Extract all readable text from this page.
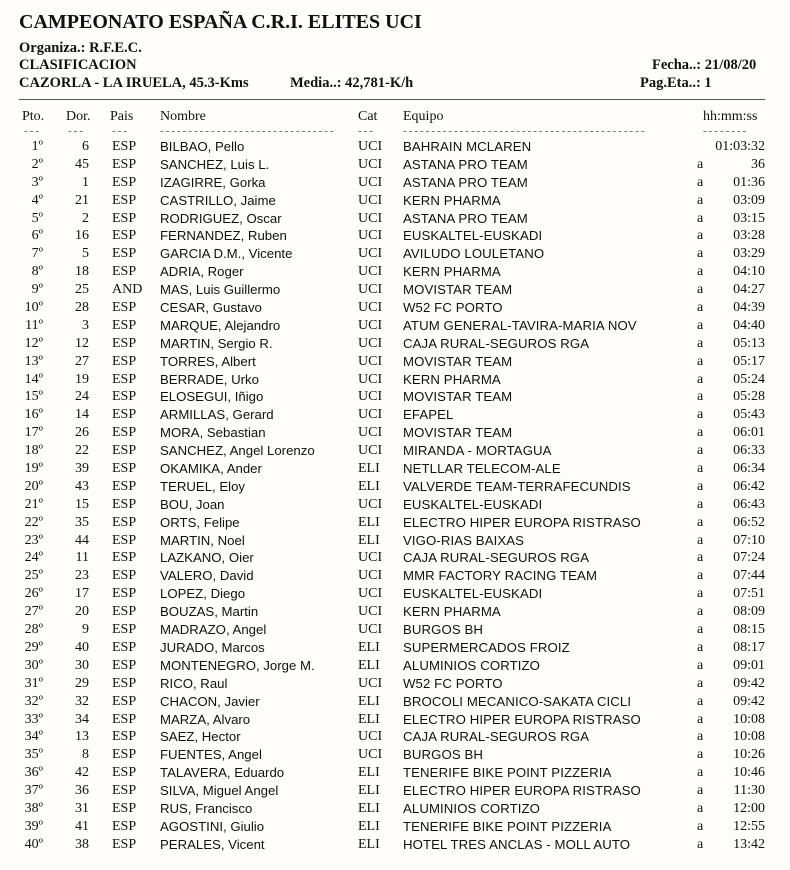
CAMPEONATO ESPAÑA C.R.I. ELITES UCI
Organiza.: R.F.E.C.
CLASIFICACION
CAZORLA - LA IRUELA, 45.3-Kms	Media..: 42,781-K/h
Fecha..: 21/08/20
Pag.Eta..: 1
Pto. Dor. Pais Nombre	Cat Equipo	hh:mm:ss
--- --- ---	------------------------------- ---	-------------------------------------------	--------
1º	6 ESP BILBAO, Pello	UCI BAHRAIN MCLAREN	01:03:32
2º 45 ESP SANCHEZ, Luis L.	UCI ASTANA PRO TEAM	a	36
3º	1 ESP IZAGIRRE, Gorka	UCI ASTANA PRO TEAM	a 01:36
4º 21 ESP CASTRILLO, Jaime	UCI KERN PHARMA	a 03:09
5º	2 ESP RODRIGUEZ, Oscar	UCI ASTANA PRO TEAM	a 03:15
6º 16 ESP FERNANDEZ, Ruben	UCI EUSKALTEL-EUSKADI	a 03:28
7º	5 ESP GARCIA D.M., Vicente	UCI AVILUDO LOULETANO	a 03:29
8º 18 ESP ADRIA, Roger	UCI KERN PHARMA	a 04:10
9º 25 AND MAS, Luis Guillermo	UCI MOVISTAR TEAM	a 04:27
10º 28 ESP CESAR, Gustavo	UCI W52 FC PORTO	a 04:39
11º	3 ESP MARQUE, Alejandro	UCI ATUM GENERAL-TAVIRA-MARIA NOV	a 04:40
12º 12 ESP MARTIN, Sergio R.	UCI CAJA RURAL-SEGUROS RGA	a 05:13
13º 27 ESP TORRES, Albert	UCI MOVISTAR TEAM	a 05:17
14º 19 ESP BERRADE, Urko	UCI KERN PHARMA	a 05:24
15º 24 ESP ELOSEGUI, Iñigo	UCI MOVISTAR TEAM	a 05:28
16º 14 ESP ARMILLAS, Gerard	UCI EFAPEL	a 05:43
17º 26 ESP MORA, Sebastian	UCI MOVISTAR TEAM	a 06:01
18º 22 ESP SANCHEZ, Angel Lorenzo	UCI MIRANDA - MORTAGUA	a 06:33
19º 39 ESP OKAMIKA, Ander	ELI NETLLAR TELECOM-ALE	a 06:34
20º 43 ESP TERUEL, Eloy	ELI VALVERDE TEAM-TERRAFECUNDIS	a 06:42
21º 15 ESP BOU, Joan	UCI EUSKALTEL-EUSKADI	a 06:43
22º 35 ESP ORTS, Felipe	ELI ELECTRO HIPER EUROPA RISTRASO	a 06:52
23º 44 ESP MARTIN, Noel	ELI VIGO-RIAS BAIXAS	a 07:10
24º 11 ESP LAZKANO, Oier	UCI CAJA RURAL-SEGUROS RGA	a 07:24
25º 23 ESP VALERO, David	UCI MMR FACTORY RACING TEAM	a 07:44
26º 17 ESP LOPEZ, Diego	UCI EUSKALTEL-EUSKADI	a 07:51
27º 20 ESP BOUZAS, Martin	UCI KERN PHARMA	a 08:09
28º	9 ESP MADRAZO, Angel	UCI BURGOS BH	a 08:15
29º 40 ESP JURADO, Marcos	ELI SUPERMERCADOS FROIZ	a 08:17
30º 30 ESP MONTENEGRO, Jorge M.	ELI ALUMINIOS CORTIZO	a 09:01
31º 29 ESP RICO, Raul	UCI W52 FC PORTO	a 09:42
32º 32 ESP CHACON, Javier	ELI BROCOLI MECANICO-SAKATA CICLI	a 09:42
33º 34 ESP MARZA, Alvaro	ELI ELECTRO HIPER EUROPA RISTRASO	a 10:08
34º 13 ESP SAEZ, Hector	UCI CAJA RURAL-SEGUROS RGA	a 10:08
35º	8 ESP FUENTES, Angel	UCI BURGOS BH	a 10:26
36º 42 ESP TALAVERA, Eduardo	ELI TENERIFE BIKE POINT PIZZERIA	a 10:46
37º 36 ESP SILVA, Miguel Angel	ELI ELECTRO HIPER EUROPA RISTRASO	a 11:30
38º 31 ESP RUS, Francisco	ELI ALUMINIOS CORTIZO	a 12:00
39º 41 ESP AGOSTINI, Giulio	ELI TENERIFE BIKE POINT PIZZERIA	a 12:55
40º 38 ESP PERALES, Vicent	ELI HOTEL TRES ANCLAS - MOLL AUTO	a 13:42
